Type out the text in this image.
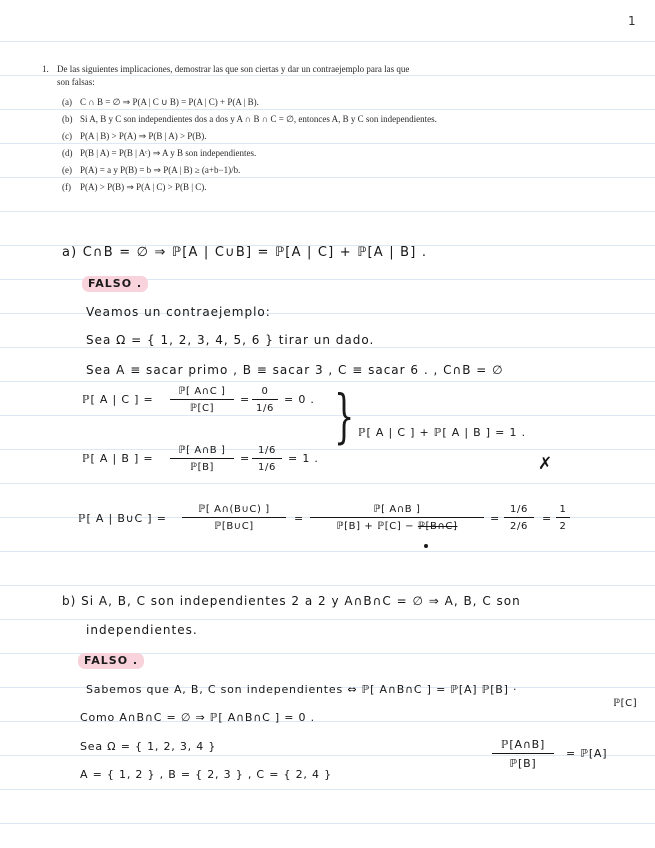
1
1. De las siguientes implicaciones, demostrar las que son ciertas y dar un contraejemplo para las que
son falsas:
(a) C ∩ B = ∅ ⇒ P(A | C ∪ B) = P(A | C) + P(A | B).
(b) Si A, B y C son independientes dos a dos y A ∩ B ∩ C = ∅, entonces A, B y C son independientes.
(c) P(A | B) > P(A) ⇒ P(B | A) > P(B).
(d) P(B | A) = P(B | Aᶜ) ⇒ A y B son independientes.
(e) P(A) = a y P(B) = b ⇒ P(A | B) ≥ (a+b−1)/b.
(f) P(A) > P(B) ⇒ P(A | C) > P(B | C).
a) C∩B = ∅ ⇒ ℙ[A | C∪B] = ℙ[A | C] + ℙ[A | B] .
FALSO .
Veamos un contraejemplo:
Sea Ω = { 1, 2, 3, 4, 5, 6 } tirar un dado.
Sea A ≡ sacar primo , B ≡ sacar 3 , C ≡ sacar 6 . , C∩B = ∅
ℙ[ A | C ] =
ℙ[ A∩C ]
ℙ[C]
= $\frac{0}{1/6} = 0$ . } ℙ[ A | C ] + ℙ[ A | B ] = 1 .
✗
ℙ[ A | B ] =
ℙ[ A∩B ]
ℙ[B]
= $\frac{1/6}{1/6} = 1$ .
ℙ[ A | B∪C ] =
ℙ[ A∩(B∪C) ]
ℙ[B∪C]
=
ℙ[ A∩B ]
ℙ[B] + ℙ[C] − ℙ[B∩C]
= $\frac{1/6}{2/6} = \frac{1}{2}$
b) Si A, B, C son independientes 2 a 2 y A∩B∩C = ∅ ⇒ A, B, C son
independientes.
FALSO .
Sabemos que A, B, C son independientes ⇔ ℙ[ A∩B∩C ] = ℙ[A] ℙ[B] ·
ℙ[C]
Como A∩B∩C = ∅ ⇒ ℙ[ A∩B∩C ] = 0 .
Sea Ω = { 1, 2, 3, 4 }
A = { 1, 2 } , B = { 2, 3 } , C = { 2, 4 }
ℙ[A∩B]
ℙ[B]
= ℙ[A]
